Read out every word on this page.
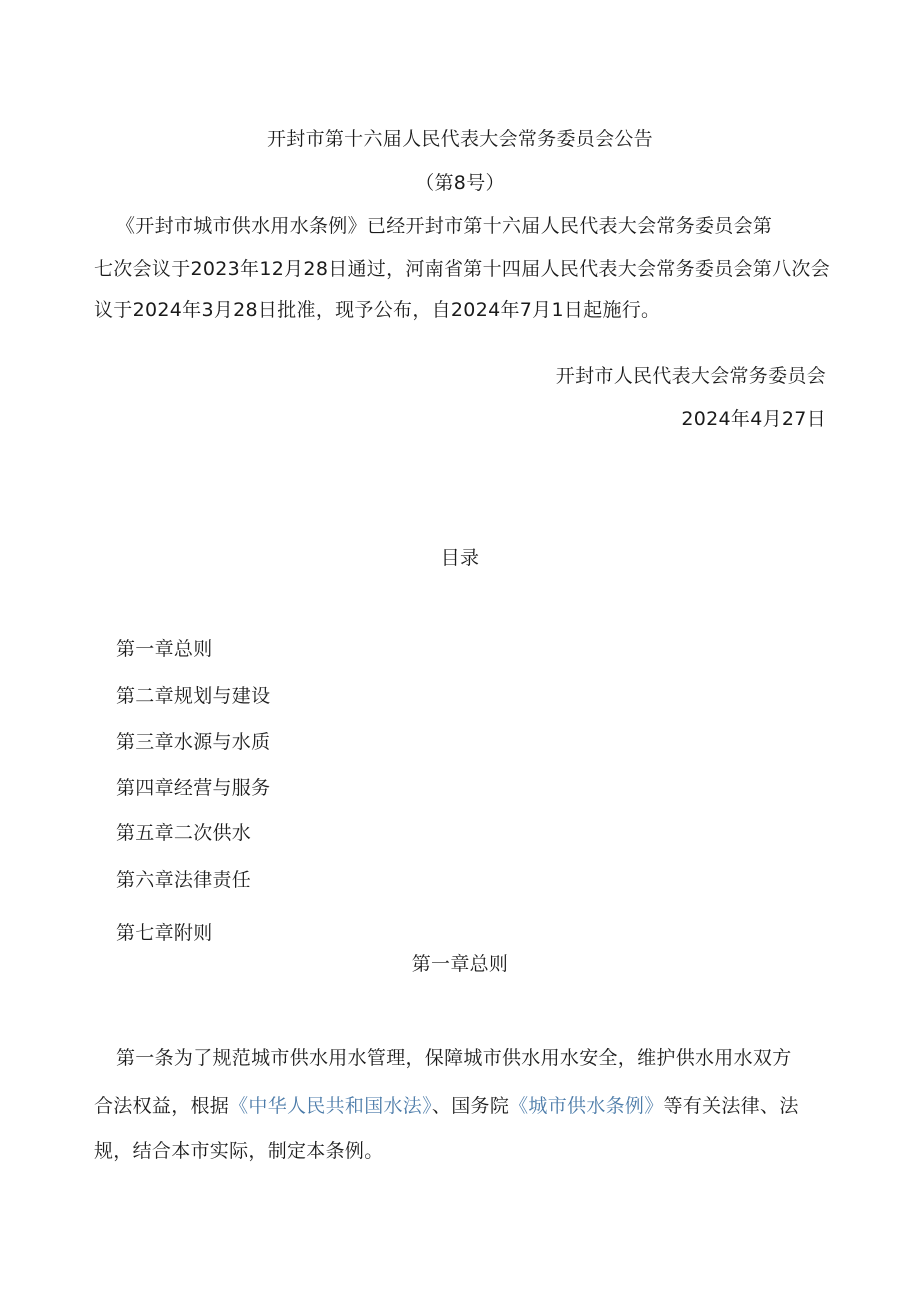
开封市第十六届人民代表大会常务委员会公告
（第8号）
《开封市城市供水用水条例》已经开封市第十六届人民代表大会常务委员会第
七次会议于2023年12月28日通过，河南省第十四届人民代表大会常务委员会第八次会
议于2024年3月28日批准，现予公布，自2024年7月1日起施行。
开封市人民代表大会常务委员会
2024年4月27日
目录
第一章总则
第二章规划与建设
第三章水源与水质
第四章经营与服务
第五章二次供水
第六章法律责任
第七章附则
第一章总则
第一条为了规范城市供水用水管理，保障城市供水用水安全，维护供水用水双方
合法权益，根据《中华人民共和国水法》、国务院《城市供水条例》等有关法律、法
规，结合本市实际，制定本条例。
